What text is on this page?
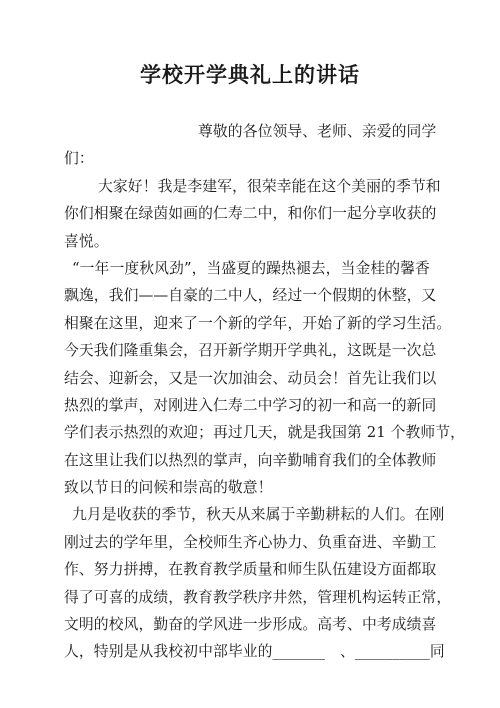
学校开学典礼上的讲话
尊敬的各位领导、老师、亲爱的同学
们：
大家好！我是李建军，很荣幸能在这个美丽的季节和
你们相聚在绿茵如画的仁寿二中，和你们一起分享收获的
喜悦。
“一年一度秋风劲”，当盛夏的躁热褪去，当金桂的馨香
飘逸，我们——自豪的二中人，经过一个假期的休整，又
相聚在这里，迎来了一个新的学年，开始了新的学习生活。
今天我们隆重集会，召开新学期开学典礼，这既是一次总
结会、迎新会，又是一次加油会、动员会！首先让我们以
热烈的掌声，对刚进入仁寿二中学习的初一和高一的新同
学们表示热烈的欢迎；再过几天，就是我国第 21 个教师节，
在这里让我们以热烈的掌声，向辛勤哺育我们的全体教师
致以节日的问候和崇高的敬意！
九月是收获的季节，秋天从来属于辛勤耕耘的人们。在刚
刚过去的学年里，全校师生齐心协力、负重奋进、辛勤工
作、努力拼搏，在教育教学质量和师生队伍建设方面都取
得了可喜的成绩，教育教学秩序井然，管理机构运转正常，
文明的校风，勤奋的学风进一步形成。高考、中考成绩喜
人，特别是从我校初中部毕业的_______　、__________同
